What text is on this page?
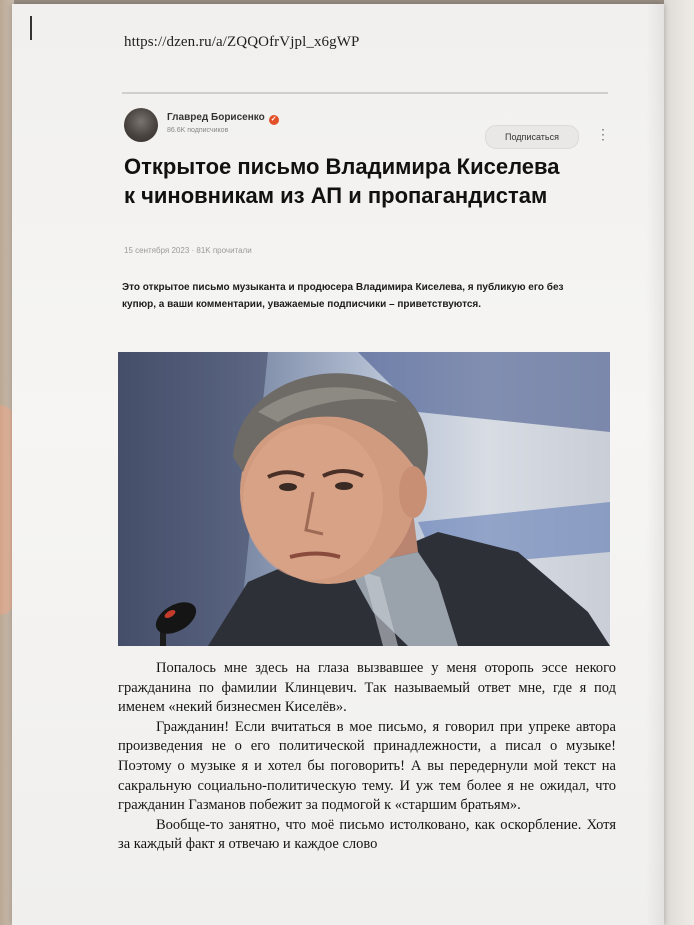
https://dzen.ru/a/ZQQOfrVjpl_x6gWP
Главред Борисенко ✓
86.6K подписчиков
Подписаться	⋮
Открытое письмо Владимира Киселева к чиновникам из АП и пропагандистам
15 сентября 2023 · 81K прочитали

Это открытое письмо музыканта и продюсера Владимира Киселева, я публикую его без купюр, а ваши комментарии, уважаемые подписчики – приветствуются.

Попалось мне здесь на глаза вызвавшее у меня оторопь эссе некого гражданина по фамилии Клинцевич. Так называемый ответ мне, где я под именем «некий бизнесмен Киселёв».

Гражданин! Если вчитаться в мое письмо, я говорил при упреке автора произведения не о его политической принадлежности, а писал о музыке! Поэтому о музыке я и хотел бы поговорить! А вы передернули мой текст на сакральную социально-политическую тему. И уж тем более я не ожидал, что гражданин Газманов побежит за подмогой к «старшим братьям».

Вообще-то занятно, что моё письмо истолковано, как оскорбление. Хотя за каждый факт я отвечаю и каждое слово
